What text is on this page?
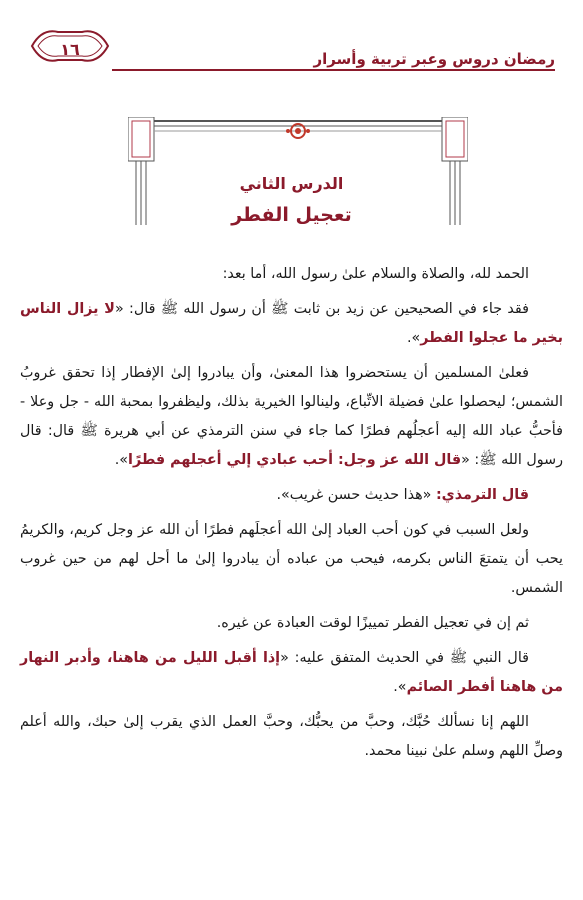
١٦	رمضان دروس وعبر تربية وأسرار
الدرس الثاني
تعجيل الفطر

الحمد لله، والصلاة والسلام علىٰ رسول الله، أما بعد:

فقد جاء في الصحيحين عن زيد بن ثابت ﷺ أن رسول الله ﷺ قال: «لا يزال الناس بخير ما عجلوا الفطر».

فعلىٰ المسلمين أن يستحضروا هذا المعنىٰ، وأن يبادروا إلىٰ الإفطار إذا تحقق غروبُ الشمس؛ ليحصلوا علىٰ فضيلة الاتِّباع، ولينالوا الخيرية بذلك، وليظفروا بمحبة الله - جل وعلا - فأحبُّ عباد الله إليه أعجلُهم فطرًا كما جاء في سنن الترمذي عن أبي هريرة ﷺ قال: قال رسول الله ﷺ: «قال الله عز وجل: أحب عبادي إلي أعجلهم فطرًا».

قال الترمذي: «هذا حديث حسن غريب».

ولعل السبب في كون أحب العباد إلىٰ الله أعجلَهم فطرًا أن الله عز وجل كريم، والكريمُ يحب أن يتمتعَ الناس بكرمه، فيحب من عباده أن يبادروا إلىٰ ما أحل لهم من حين غروب الشمس.

ثم إن في تعجيل الفطر تمييزًا لوقت العبادة عن غيره.

قال النبي ﷺ في الحديث المتفق عليه: «إذا أقبل الليل من هاهنا، وأدبر النهار من هاهنا أفطر الصائم».

اللهم إنا نسألك حُبَّك، وحبَّ من يحبُّك، وحبَّ العمل الذي يقرب إلىٰ حبك، والله أعلم وصلِّ اللهم وسلم علىٰ نبينا محمد.
